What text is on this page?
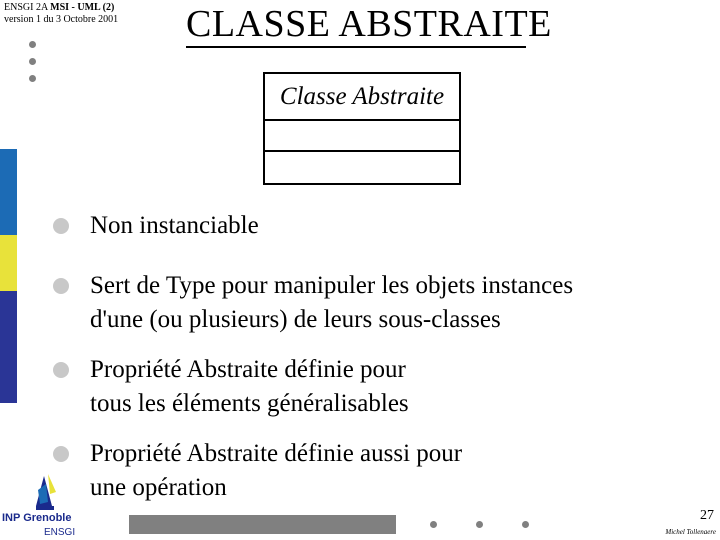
ENSGI 2A MSI - UML (2)
version 1 du 3 Octobre 2001 CLASSE ABSTRAITE
Classe Abstraite
Non instanciable
Sert de Type pour manipuler les objets instances
d'une (ou plusieurs) de leurs sous-classes
Propriété Abstraite définie pour
tous les éléments généralisables
Propriété Abstraite définie aussi pour
une opération
INP Grenoble
ENSGI
27
Michel Tollenaere
